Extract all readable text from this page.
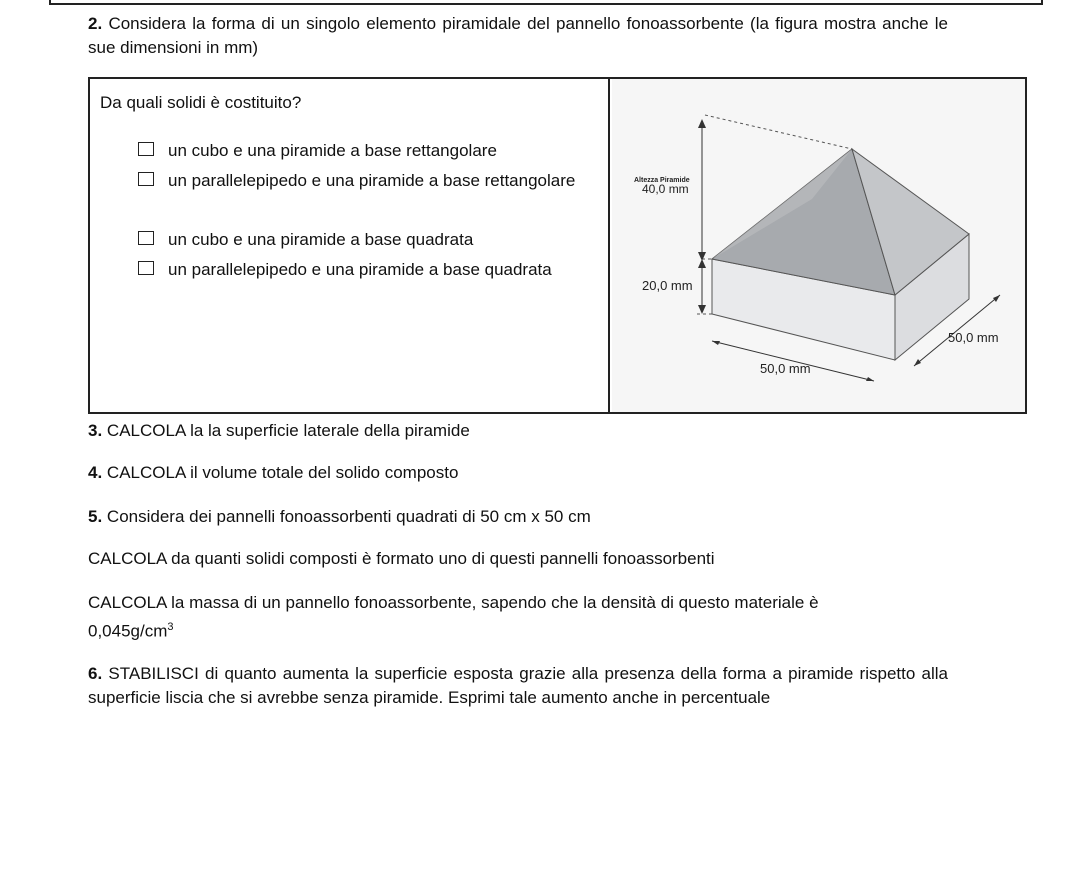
2. Considera la forma di un singolo elemento piramidale del pannello fonoassorbente (la figura mostra anche le sue dimensioni in mm)

Da quali solidi è costituito?

un cubo e una piramide a base rettangolare
un parallelepipedo e una piramide a base rettangolare
un cubo e una piramide a base quadrata
un parallelepipedo e una piramide a base quadrata
Altezza Piramide
40,0 mm
20,0 mm
50,0 mm
50,0 mm

3. CALCOLA la la superficie laterale della piramide

4. CALCOLA il volume totale del solido composto

5. Considera dei pannelli fonoassorbenti quadrati di 50 cm x 50 cm

CALCOLA da quanti solidi composti è formato uno di questi pannelli fonoassorbenti

CALCOLA la massa di un pannello fonoassorbente, sapendo che la densità di questo materiale è
$0,045g/cm^3$

6. STABILISCI di quanto aumenta la superficie esposta grazie alla presenza della forma a piramide rispetto alla superficie liscia che si avrebbe senza piramide. Esprimi tale aumento anche in percentuale
